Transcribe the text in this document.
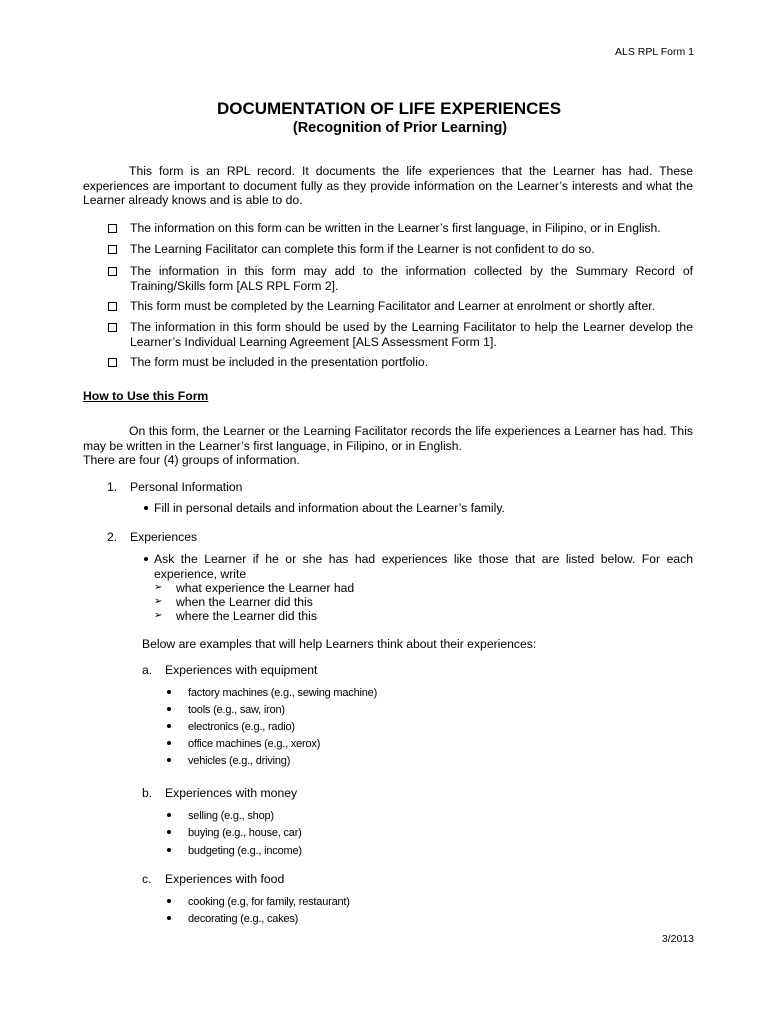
ALS RPL Form 1
DOCUMENTATION OF LIFE EXPERIENCES
(Recognition of Prior Learning)
This form is an RPL record. It documents the life experiences that the Learner has had. These experiences are important to document fully as they provide information on the Learner’s interests and what the Learner already knows and is able to do.
The information on this form can be written in the Learner’s first language, in Filipino, or in English.
The Learning Facilitator can complete this form if the Learner is not confident to do so.
The information in this form may add to the information collected by the Summary Record of Training/Skills form [ALS RPL Form 2].
This form must be completed by the Learning Facilitator and Learner at enrolment or shortly after.
The information in this form should be used by the Learning Facilitator to help the Learner develop the Learner’s Individual Learning Agreement [ALS Assessment Form 1].
The form must be included in the presentation portfolio.
How to Use this Form
On this form, the Learner or the Learning Facilitator records the life experiences a Learner has had. This may be written in the Learner’s first language, in Filipino, or in English.
There are four (4) groups of information.
1. Personal Information
Fill in personal details and information about the Learner’s family.
2. Experiences
Ask the Learner if he or she has had experiences like those that are listed below. For each experience, write
➢ what experience the Learner had
➢ when the Learner did this
➢ where the Learner did this
Below are examples that will help Learners think about their experiences:
a. Experiences with equipment
factory machines (e.g., sewing machine)
tools (e.g., saw, iron)
electronics (e.g., radio)
office machines (e.g., xerox)
vehicles (e.g., driving)
b. Experiences with money
selling (e.g., shop)
buying (e.g., house, car)
budgeting (e.g., income)
c. Experiences with food
cooking (e.g, for family, restaurant)
decorating (e.g., cakes)
3/2013
